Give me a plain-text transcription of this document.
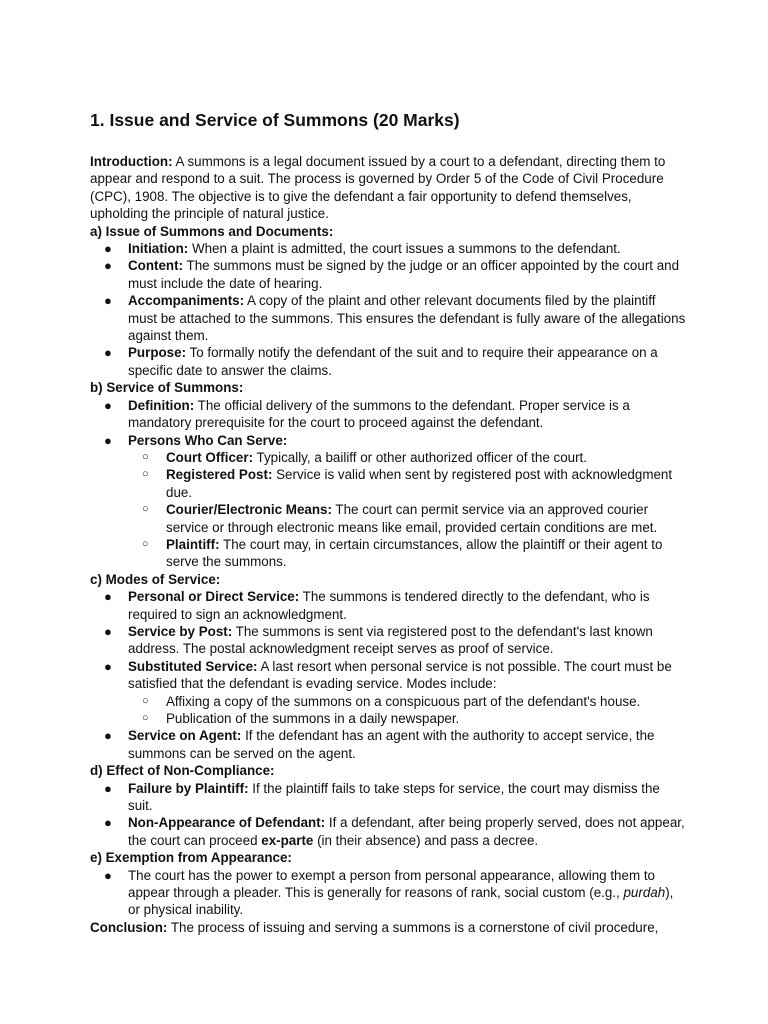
1. Issue and Service of Summons (20 Marks)

Introduction: A summons is a legal document issued by a court to a defendant, directing them to appear and respond to a suit. The process is governed by Order 5 of the Code of Civil Procedure (CPC), 1908. The objective is to give the defendant a fair opportunity to defend themselves, upholding the principle of natural justice.

a) Issue of Summons and Documents:

● Initiation: When a plaint is admitted, the court issues a summons to the defendant.
● Content: The summons must be signed by the judge or an officer appointed by the court and must include the date of hearing.
● Accompaniments: A copy of the plaint and other relevant documents filed by the plaintiff must be attached to the summons. This ensures the defendant is fully aware of the allegations against them.
● Purpose: To formally notify the defendant of the suit and to require their appearance on a specific date to answer the claims.

b) Service of Summons:

● Definition: The official delivery of the summons to the defendant. Proper service is a mandatory prerequisite for the court to proceed against the defendant.
● Persons Who Can Serve:
○ Court Officer: Typically, a bailiff or other authorized officer of the court.
○ Registered Post: Service is valid when sent by registered post with acknowledgment due.
○ Courier/Electronic Means: The court can permit service via an approved courier service or through electronic means like email, provided certain conditions are met.
○ Plaintiff: The court may, in certain circumstances, allow the plaintiff or their agent to serve the summons.

c) Modes of Service:

● Personal or Direct Service: The summons is tendered directly to the defendant, who is required to sign an acknowledgment.
● Service by Post: The summons is sent via registered post to the defendant's last known address. The postal acknowledgment receipt serves as proof of service.
● Substituted Service: A last resort when personal service is not possible. The court must be satisfied that the defendant is evading service. Modes include:
○ Affixing a copy of the summons on a conspicuous part of the defendant's house.
○ Publication of the summons in a daily newspaper.
● Service on Agent: If the defendant has an agent with the authority to accept service, the summons can be served on the agent.

d) Effect of Non-Compliance:

● Failure by Plaintiff: If the plaintiff fails to take steps for service, the court may dismiss the suit.
● Non-Appearance of Defendant: If a defendant, after being properly served, does not appear, the court can proceed ex-parte (in their absence) and pass a decree.

e) Exemption from Appearance:

● The court has the power to exempt a person from personal appearance, allowing them to appear through a pleader. This is generally for reasons of rank, social custom (e.g., purdah), or physical inability.

Conclusion: The process of issuing and serving a summons is a cornerstone of civil procedure,
